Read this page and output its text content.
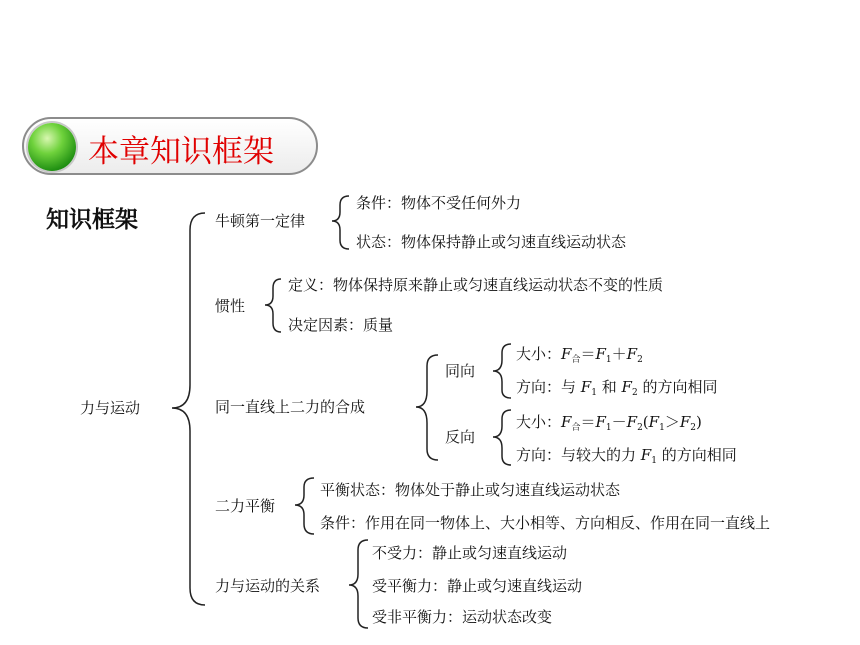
本章知识框架
知识框架
力与运动
牛顿第一定律
惯性
同一直线上二力的合成
二力平衡
力与运动的关系
条件：物体不受任何外力
状态：物体保持静止或匀速直线运动状态
定义：物体保持原来静止或匀速直线运动状态不变的性质
决定因素：质量
同向
反向
大小：$F_合=F_1+F_2$
方向：与 $F_1$ 和 $F_2$ 的方向相同
大小：$F_合=F_1-F_2(F_1>F_2)$
方向：与较大的力 $F_1$ 的方向相同
平衡状态：物体处于静止或匀速直线运动状态
条件：作用在同一物体上、大小相等、方向相反、作用在同一直线上
不受力：静止或匀速直线运动
受平衡力：静止或匀速直线运动
受非平衡力：运动状态改变
